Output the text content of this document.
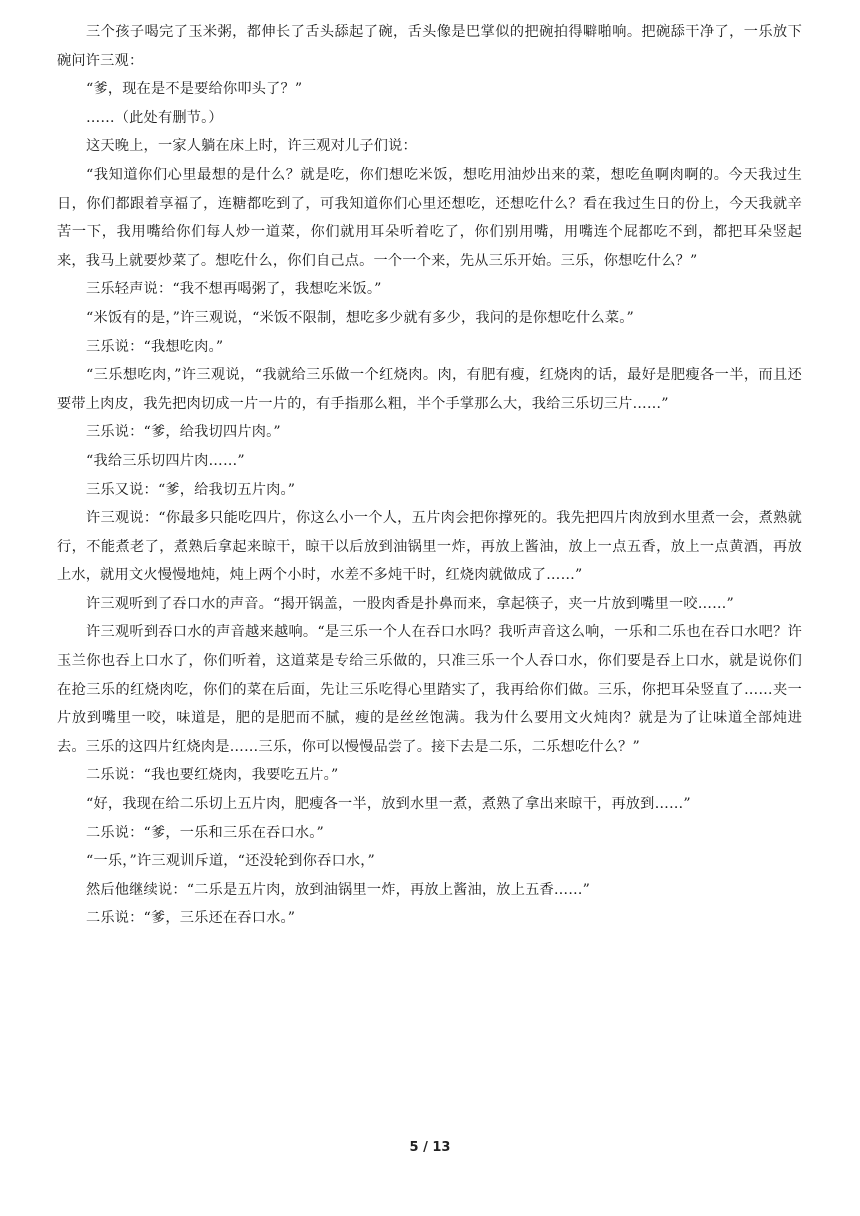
三个孩子喝完了玉米粥，都伸长了舌头舔起了碗，舌头像是巴掌似的把碗拍得噼啪响。把碗舔干净了，一乐放下碗问许三观：

“爹，现在是不是要给你叩头了？”

……（此处有删节。）

这天晚上，一家人躺在床上时，许三观对儿子们说：

“我知道你们心里最想的是什么？就是吃，你们想吃米饭，想吃用油炒出来的菜，想吃鱼啊肉啊的。今天我过生日，你们都跟着享福了，连糖都吃到了，可我知道你们心里还想吃，还想吃什么？看在我过生日的份上，今天我就辛苦一下，我用嘴给你们每人炒一道菜，你们就用耳朵听着吃了，你们别用嘴，用嘴连个屁都吃不到，都把耳朵竖起来，我马上就要炒菜了。想吃什么，你们自己点。一个一个来，先从三乐开始。三乐，你想吃什么？”

三乐轻声说：“我不想再喝粥了，我想吃米饭。”

“米饭有的是，”许三观说，“米饭不限制，想吃多少就有多少，我问的是你想吃什么菜。”

三乐说：“我想吃肉。”

“三乐想吃肉，”许三观说，“我就给三乐做一个红烧肉。肉，有肥有瘦，红烧肉的话，最好是肥瘦各一半，而且还要带上肉皮，我先把肉切成一片一片的，有手指那么粗，半个手掌那么大，我给三乐切三片……”

三乐说：“爹，给我切四片肉。”

“我给三乐切四片肉……”

三乐又说：“爹，给我切五片肉。”

许三观说：“你最多只能吃四片，你这么小一个人，五片肉会把你撑死的。我先把四片肉放到水里煮一会，煮熟就行，不能煮老了，煮熟后拿起来晾干，晾干以后放到油锅里一炸，再放上酱油，放上一点五香，放上一点黄酒，再放上水，就用文火慢慢地炖，炖上两个小时，水差不多炖干时，红烧肉就做成了……”

许三观听到了吞口水的声音。“揭开锅盖，一股肉香是扑鼻而来，拿起筷子，夹一片放到嘴里一咬……”

许三观听到吞口水的声音越来越响。“是三乐一个人在吞口水吗？我听声音这么响，一乐和二乐也在吞口水吧？许玉兰你也吞上口水了，你们听着，这道菜是专给三乐做的，只准三乐一个人吞口水，你们要是吞上口水，就是说你们在抢三乐的红烧肉吃，你们的菜在后面，先让三乐吃得心里踏实了，我再给你们做。三乐，你把耳朵竖直了……夹一片放到嘴里一咬，味道是，肥的是肥而不腻，瘦的是丝丝饱满。我为什么要用文火炖肉？就是为了让味道全部炖进去。三乐的这四片红烧肉是……三乐，你可以慢慢品尝了。接下去是二乐，二乐想吃什么？”

二乐说：“我也要红烧肉，我要吃五片。”

“好，我现在给二乐切上五片肉，肥瘦各一半，放到水里一煮，煮熟了拿出来晾干，再放到……”

二乐说：“爹，一乐和三乐在吞口水。”

“一乐，”许三观训斥道，“还没轮到你吞口水，”

然后他继续说：“二乐是五片肉，放到油锅里一炸，再放上酱油，放上五香……”

二乐说：“爹，三乐还在吞口水。”

5 / 13
